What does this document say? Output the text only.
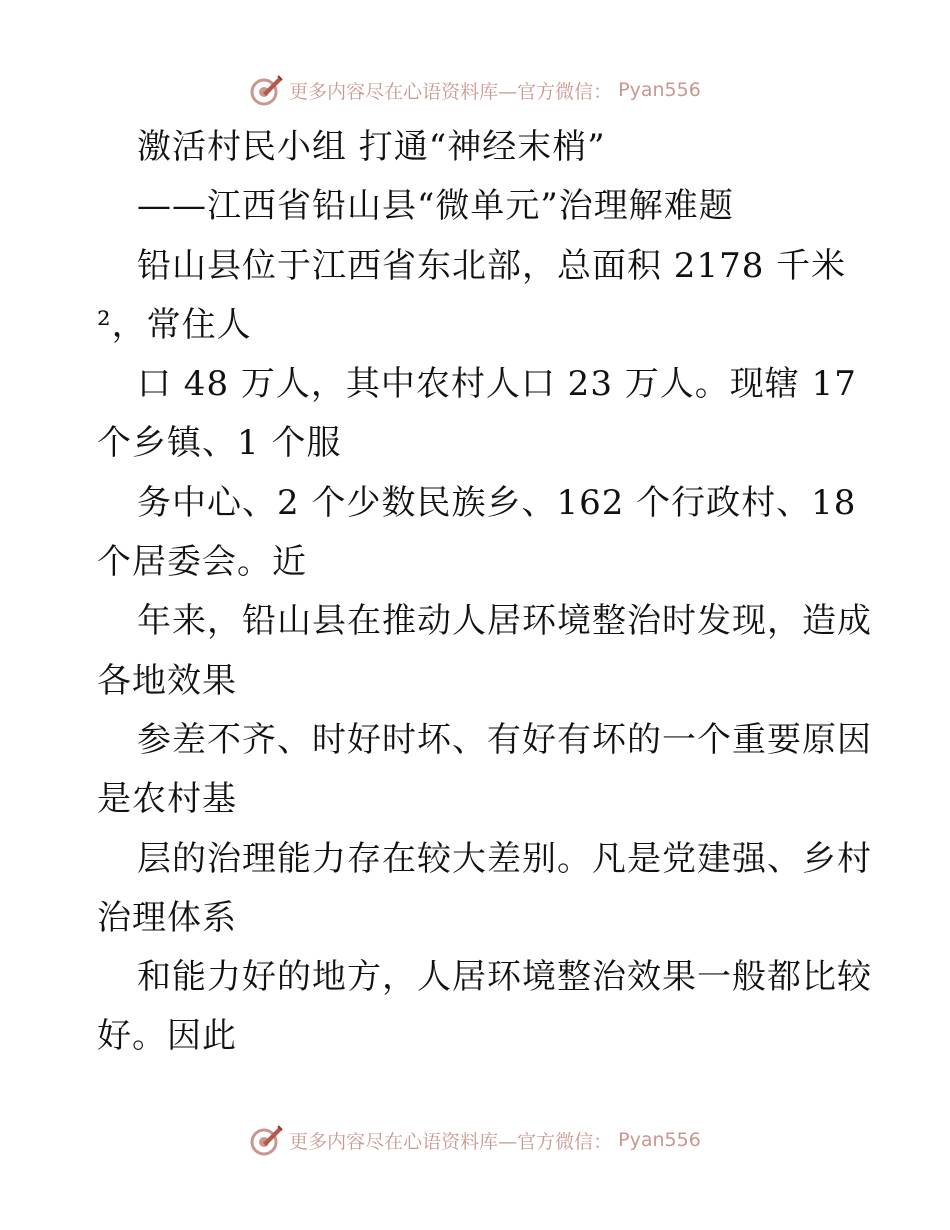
更多内容尽在心语资料库—官方微信： Pyan556
激活村民小组 打通“神经末梢”
——江西省铅山县“微单元”治理解难题
铅山县位于江西省东北部，总面积 2178 千米
²，常住人
口 48 万人，其中农村人口 23 万人。现辖 17
个乡镇、1 个服
务中心、2 个少数民族乡、162 个行政村、18
个居委会。近
年来，铅山县在推动人居环境整治时发现，造成
各地效果
参差不齐、时好时坏、有好有坏的一个重要原因
是农村基
层的治理能力存在较大差别。凡是党建强、乡村
治理体系
和能力好的地方，人居环境整治效果一般都比较
好。因此
更多内容尽在心语资料库—官方微信： Pyan556
